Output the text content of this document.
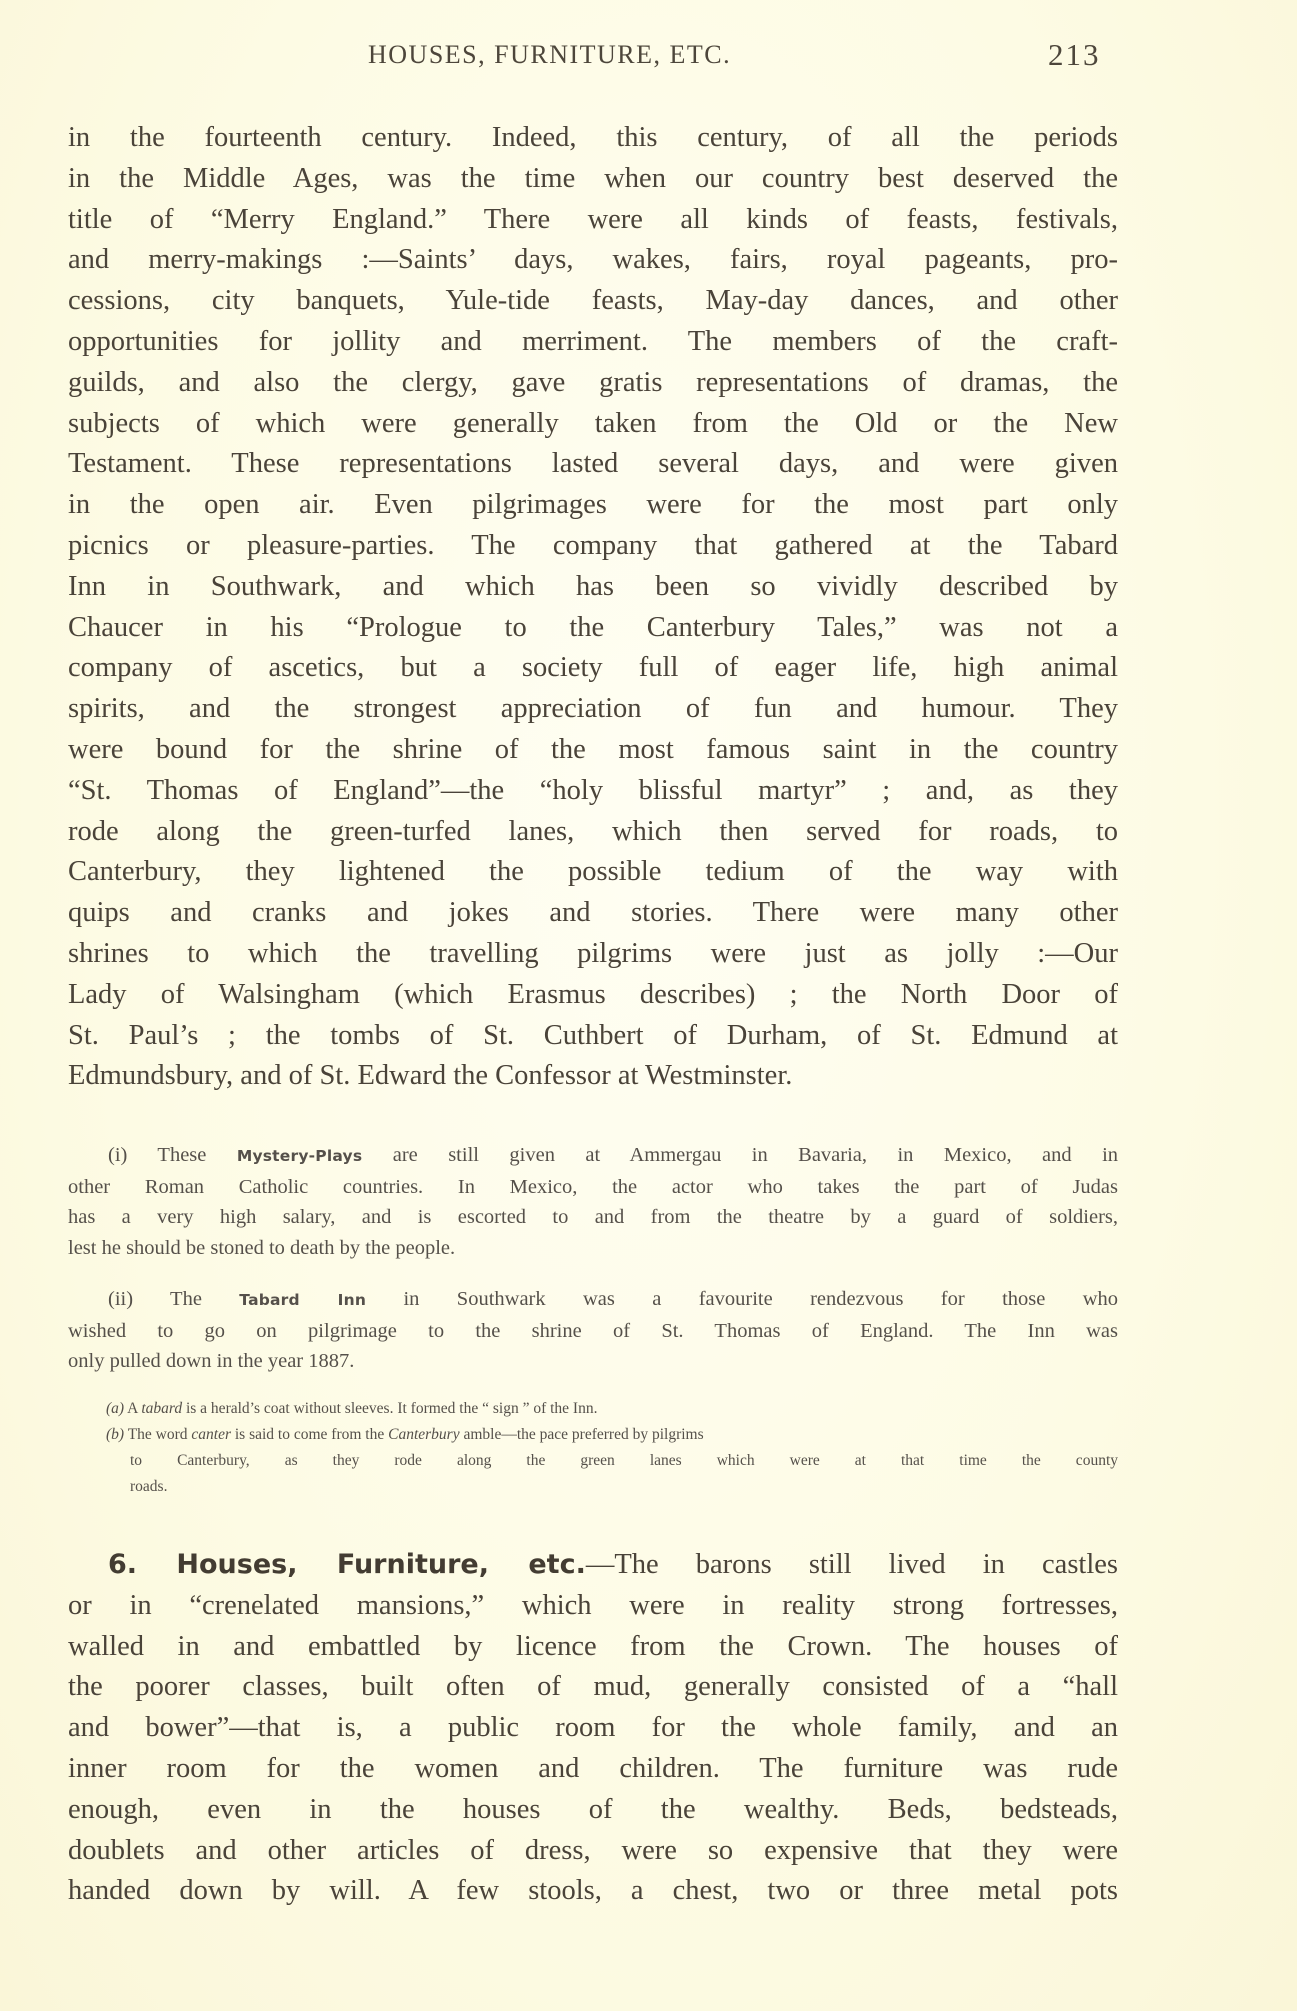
HOUSES, FURNITURE, ETC.	213
in the fourteenth century. Indeed, this century, of all the periods
in the Middle Ages, was the time when our country best deserved the
title of “Merry England.” There were all kinds of feasts, festivals,
and merry-makings :—Saints’ days, wakes, fairs, royal pageants, pro-
cessions, city banquets, Yule-tide feasts, May-day dances, and other
opportunities for jollity and merriment. The members of the craft-
guilds, and also the clergy, gave gratis representations of dramas, the
subjects of which were generally taken from the Old or the New
Testament. These representations lasted several days, and were given
in the open air. Even pilgrimages were for the most part only
picnics or pleasure-parties. The company that gathered at the Tabard
Inn in Southwark, and which has been so vividly described by
Chaucer in his “Prologue to the Canterbury Tales,” was not a
company of ascetics, but a society full of eager life, high animal
spirits, and the strongest appreciation of fun and humour. They
were bound for the shrine of the most famous saint in the country
“St. Thomas of England”—the “holy blissful martyr” ; and, as they
rode along the green-turfed lanes, which then served for roads, to
Canterbury, they lightened the possible tedium of the way with
quips and cranks and jokes and stories. There were many other
shrines to which the travelling pilgrims were just as jolly :—Our
Lady of Walsingham (which Erasmus describes) ; the North Door of
St. Paul’s ; the tombs of St. Cuthbert of Durham, of St. Edmund at
Edmundsbury, and of St. Edward the Confessor at Westminster.
(i) These Mystery-Plays are still given at Ammergau in Bavaria, in Mexico, and in
other Roman Catholic countries. In Mexico, the actor who takes the part of Judas
has a very high salary, and is escorted to and from the theatre by a guard of soldiers,
lest he should be stoned to death by the people.
(ii) The Tabard Inn in Southwark was a favourite rendezvous for those who
wished to go on pilgrimage to the shrine of St. Thomas of England. The Inn was
only pulled down in the year 1887.
(a) A tabard is a herald’s coat without sleeves. It formed the “ sign ” of the Inn.
(b) The word canter is said to come from the Canterbury amble—the pace preferred by pilgrims
to Canterbury, as they rode along the green lanes which were at that time the county
roads.
6. Houses, Furniture, etc.—The barons still lived in castles
or in “crenelated mansions,” which were in reality strong fortresses,
walled in and embattled by licence from the Crown. The houses of
the poorer classes, built often of mud, generally consisted of a “hall
and bower”—that is, a public room for the whole family, and an
inner room for the women and children. The furniture was rude
enough, even in the houses of the wealthy. Beds, bedsteads,
doublets and other articles of dress, were so expensive that they were
handed down by will. A few stools, a chest, two or three metal pots
